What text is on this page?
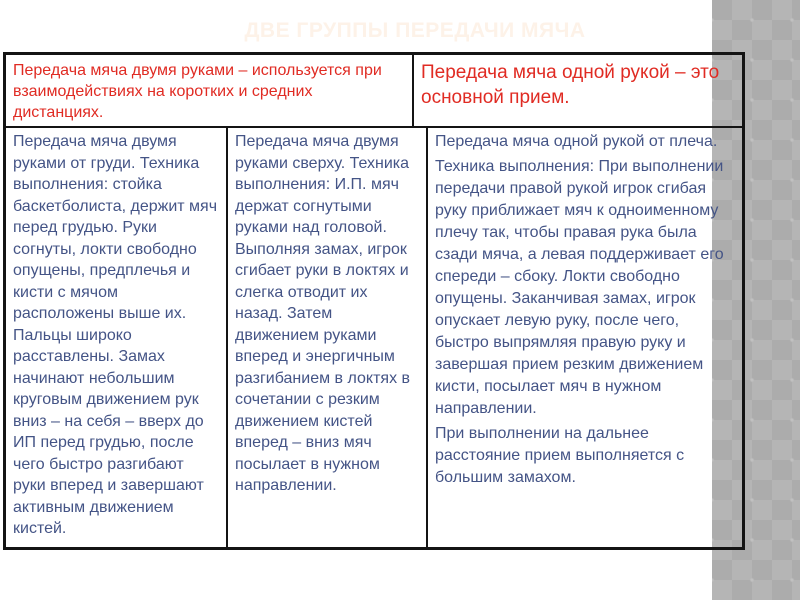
ДВЕ ГРУППЫ ПЕРЕДАЧИ МЯЧА
Передача мяча двумя руками – используется при взаимодействиях на коротких и средних дистанциях.
Передача мяча одной рукой – это основной прием.
Передача мяча двумя руками от груди. Техника выполнения: стойка баскетболиста, держит мяч перед грудью. Руки согнуты, локти свободно опущены, предплечья и кисти с мячом расположены выше их. Пальцы широко расставлены. Замах начинают небольшим круговым движением рук вниз – на себя – вверх до ИП перед грудью, после чего быстро разгибают руки вперед и завершают активным движением кистей.
Передача мяча двумя руками сверху. Техника выполнения: И.П. мяч держат согнутыми руками над головой. Выполняя замах, игрок сгибает руки в локтях и слегка отводит их назад. Затем движением руками вперед и энергичным разгибанием в локтях в сочетании с резким движением кистей вперед – вниз мяч посылает в нужном направлении.

Передача мяча одной рукой от плеча.

Техника выполнения: При выполнении передачи правой рукой игрок сгибая руку приближает мяч к одноименному плечу так, чтобы правая рука была сзади мяча, а левая поддерживает его спереди – сбоку. Локти свободно опущены. Заканчивая замах, игрок опускает левую руку, после чего, быстро выпрямляя правую руку и завершая прием резким движением кисти, посылает мяч в нужном направлении.

При выполнении на дальнее расстояние прием выполняется с большим замахом.
